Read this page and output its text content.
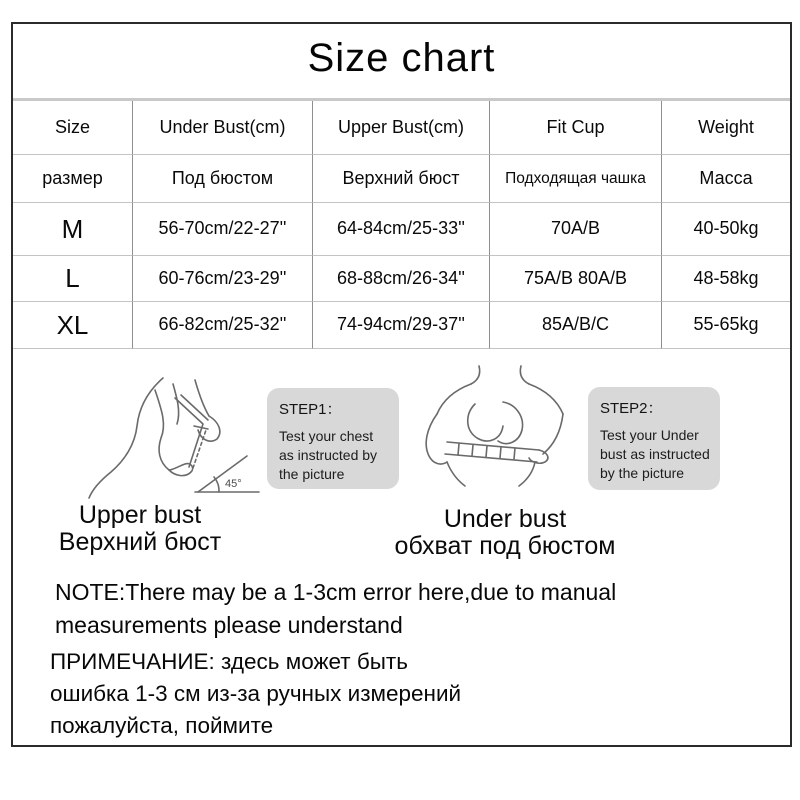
Size chart
Size	Under Bust(cm)	Upper Bust(cm)	Fit Cup	Weight
размер	Под бюстом	Верхний бюст	Подходящая чашка	Масса
M	56-70cm/22-27''	64-84cm/25-33''	70A/B	40-50kg
L	60-76cm/23-29''	68-88cm/26-34''	75A/B 80A/B	48-58kg
XL	66-82cm/25-32''	74-94cm/29-37''	85A/B/C	55-65kg
45°
STEP1：
Test your chest as instructed by the picture
STEP2：
Test your Under bust as instructed by the picture
Upper bust
Верхний бюст
Under bust
обхват под бюстом
NOTE:There may be a 1-3cm error here,due to manual
measurements please understand
ПРИМЕЧАНИЕ: здесь может быть
ошибка 1-3 см из-за ручных измерений
пожалуйста, поймите
